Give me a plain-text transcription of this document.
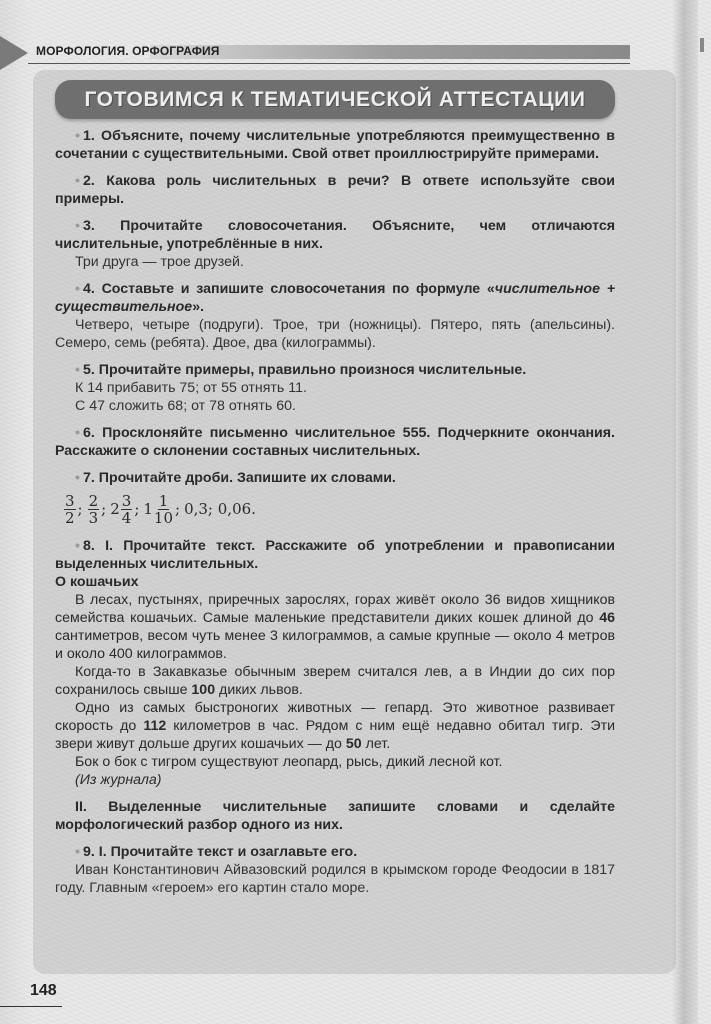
МОРФОЛОГИЯ. ОРФОГРАФИЯ
ГОТОВИМСЯ К ТЕМАТИЧЕСКОЙ АТТЕСТАЦИИ

• 1. Объясните, почему числительные употребляются преимущественно в сочетании с существительными. Свой ответ проиллюстрируйте примерами.

• 2. Какова роль числительных в речи? В ответе используйте свои примеры.

• 3. Прочитайте словосочетания. Объясните, чем отличаются числительные, употреблённые в них.

Три друга — трое друзей.

• 4. Составьте и запишите словосочетания по формуле «числительное + существительное».

Четверо, четыре (подруги). Трое, три (ножницы). Пятеро, пять (апельсины). Семеро, семь (ребята). Двое, два (килограммы).

• 5. Прочитайте примеры, правильно произнося числительные.

К 14 прибавить 75; от 55 отнять 11.

С 47 сложить 68; от 78 отнять 60.

• 6. Просклоняйте письменно числительное 555. Подчеркните окончания. Расскажите о склонении составных числительных.

• 7. Прочитайте дроби. Запишите их словами.

$\frac{3}{2}$ ; $\frac{2}{3}$ ; $2 \frac{3}{4}$ ; $1 \frac{1}{10}$ ; 0,3; 0,06.

• 8. I. Прочитайте текст. Расскажите об употреблении и правописании выделенных числительных.

О кошачьих

В лесах, пустынях, приречных зарослях, горах живёт около 36 видов хищников семейства кошачьих. Самые маленькие представители диких кошек длиной до 46 сантиметров, весом чуть менее 3 килограммов, а самые крупные — около 4 метров и около 400 килограммов.

Когда-то в Закавказье обычным зверем считался лев, а в Индии до сих пор сохранилось свыше 100 диких львов.

Одно из самых быстроногих животных — гепард. Это животное развивает скорость до 112 километров в час. Рядом с ним ещё недавно обитал тигр. Эти звери живут дольше других кошачьих — до 50 лет.

Бок о бок с тигром существуют леопард, рысь, дикий лесной кот.

(Из журнала)

II. Выделенные числительные запишите словами и сделайте морфологический разбор одного из них.

• 9. I. Прочитайте текст и озаглавьте его.

Иван Константинович Айвазовский родился в крымском городе Феодосии в 1817 году. Главным «героем» его картин стало море.

148
